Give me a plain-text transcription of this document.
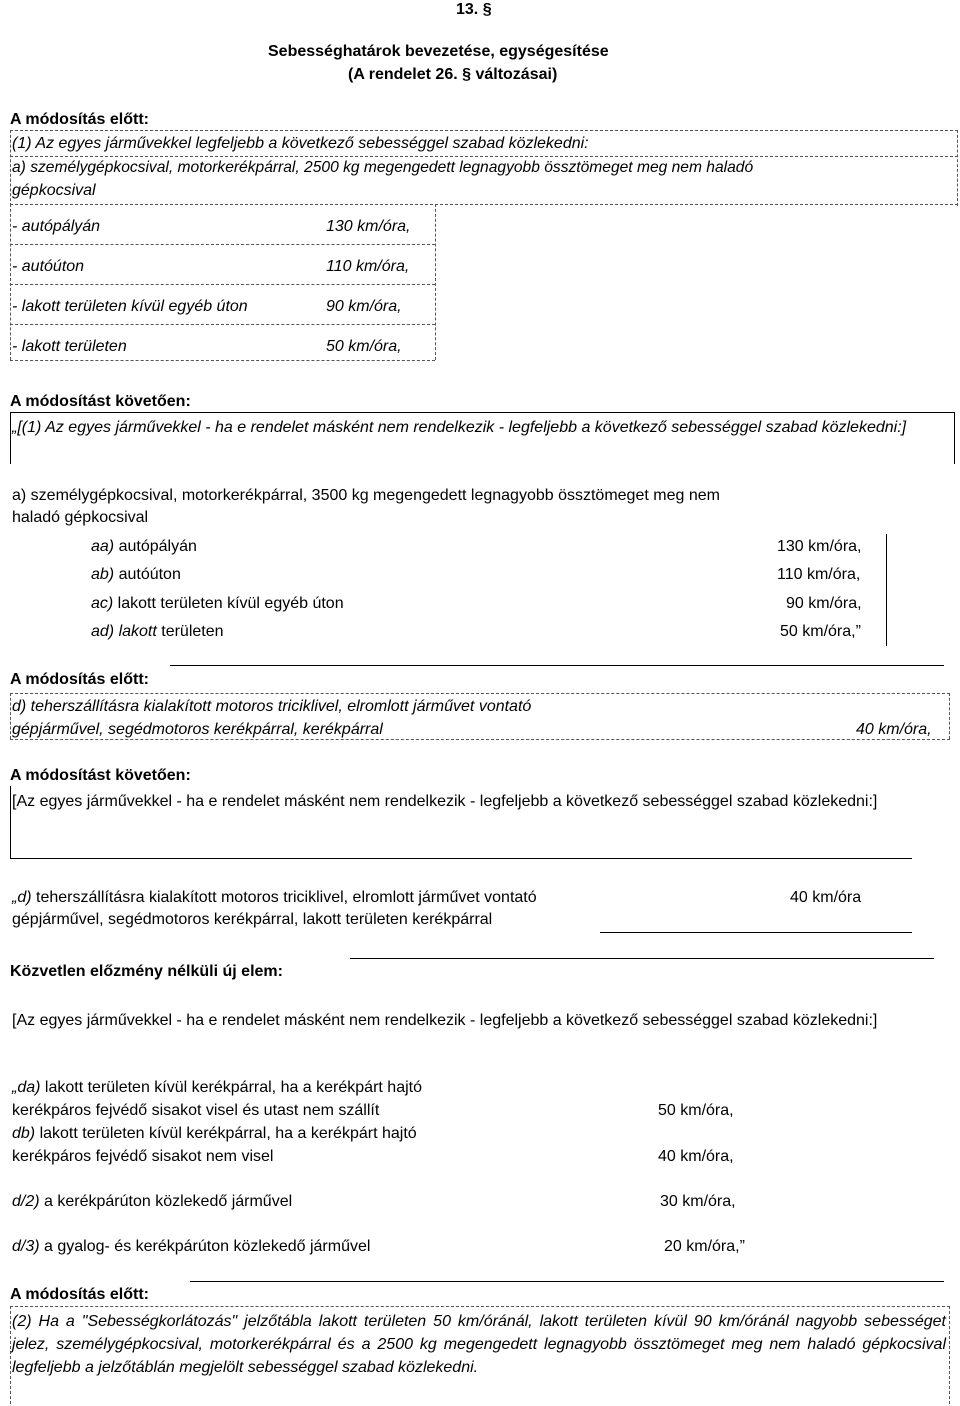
13. §
Sebességhatárok bevezetése, egységesítése
(A rendelet 26. § változásai)
A módosítás előtt:
(1) Az egyes járművekkel legfeljebb a következő sebességgel szabad közlekedni:
a) személygépkocsival, motorkerékpárral, 2500 kg megengedett legnagyobb össztömeget meg nem haladó
gépkocsival
- autópályán	130 km/óra,
- autóúton	110 km/óra,
- lakott területen kívül egyéb úton	90 km/óra,
- lakott területen	50 km/óra,
A módosítást követően:
„[(1) Az egyes járművekkel - ha e rendelet másként nem rendelkezik - legfeljebb a következő sebességgel szabad közlekedni:]
a) személygépkocsival, motorkerékpárral, 3500 kg megengedett legnagyobb össztömeget meg nem
haladó gépkocsival
aa) autópályán	130 km/óra,
ab) autóúton	110 km/óra,
ac) lakott területen kívül egyéb úton	90 km/óra,
ad) lakott területen	50 km/óra,”
A módosítás előtt:
d) teherszállításra kialakított motoros triciklivel, elromlott járművet vontató
gépjárművel, segédmotoros kerékpárral, kerékpárral	40 km/óra,
A módosítást követően:
[Az egyes járművekkel - ha e rendelet másként nem rendelkezik - legfeljebb a következő sebességgel szabad közlekedni:]
„d) teherszállításra kialakított motoros triciklivel, elromlott járművet vontató
gépjárművel, segédmotoros kerékpárral, lakott területen kerékpárral
40 km/óra
Közvetlen előzmény nélküli új elem:
[Az egyes járművekkel - ha e rendelet másként nem rendelkezik - legfeljebb a következő sebességgel szabad közlekedni:]
„da) lakott területen kívül kerékpárral, ha a kerékpárt hajtó
kerékpáros fejvédő sisakot visel és utast nem szállít	50 km/óra,
db) lakott területen kívül kerékpárral, ha a kerékpárt hajtó
kerékpáros fejvédő sisakot nem visel	40 km/óra,
d/2) a kerékpárúton közlekedő járművel	30 km/óra,
d/3) a gyalog- és kerékpárúton közlekedő járművel	20 km/óra,”
A módosítás előtt:
(2) Ha a "Sebességkorlátozás" jelzőtábla lakott területen 50 km/óránál, lakott területen kívül 90 km/óránál nagyobb sebességet jelez, személygépkocsival, motorkerékpárral és a 2500 kg megengedett legnagyobb össztömeget meg nem haladó gépkocsival legfeljebb a jelzőtáblán megjelölt sebességgel szabad közlekedni.
